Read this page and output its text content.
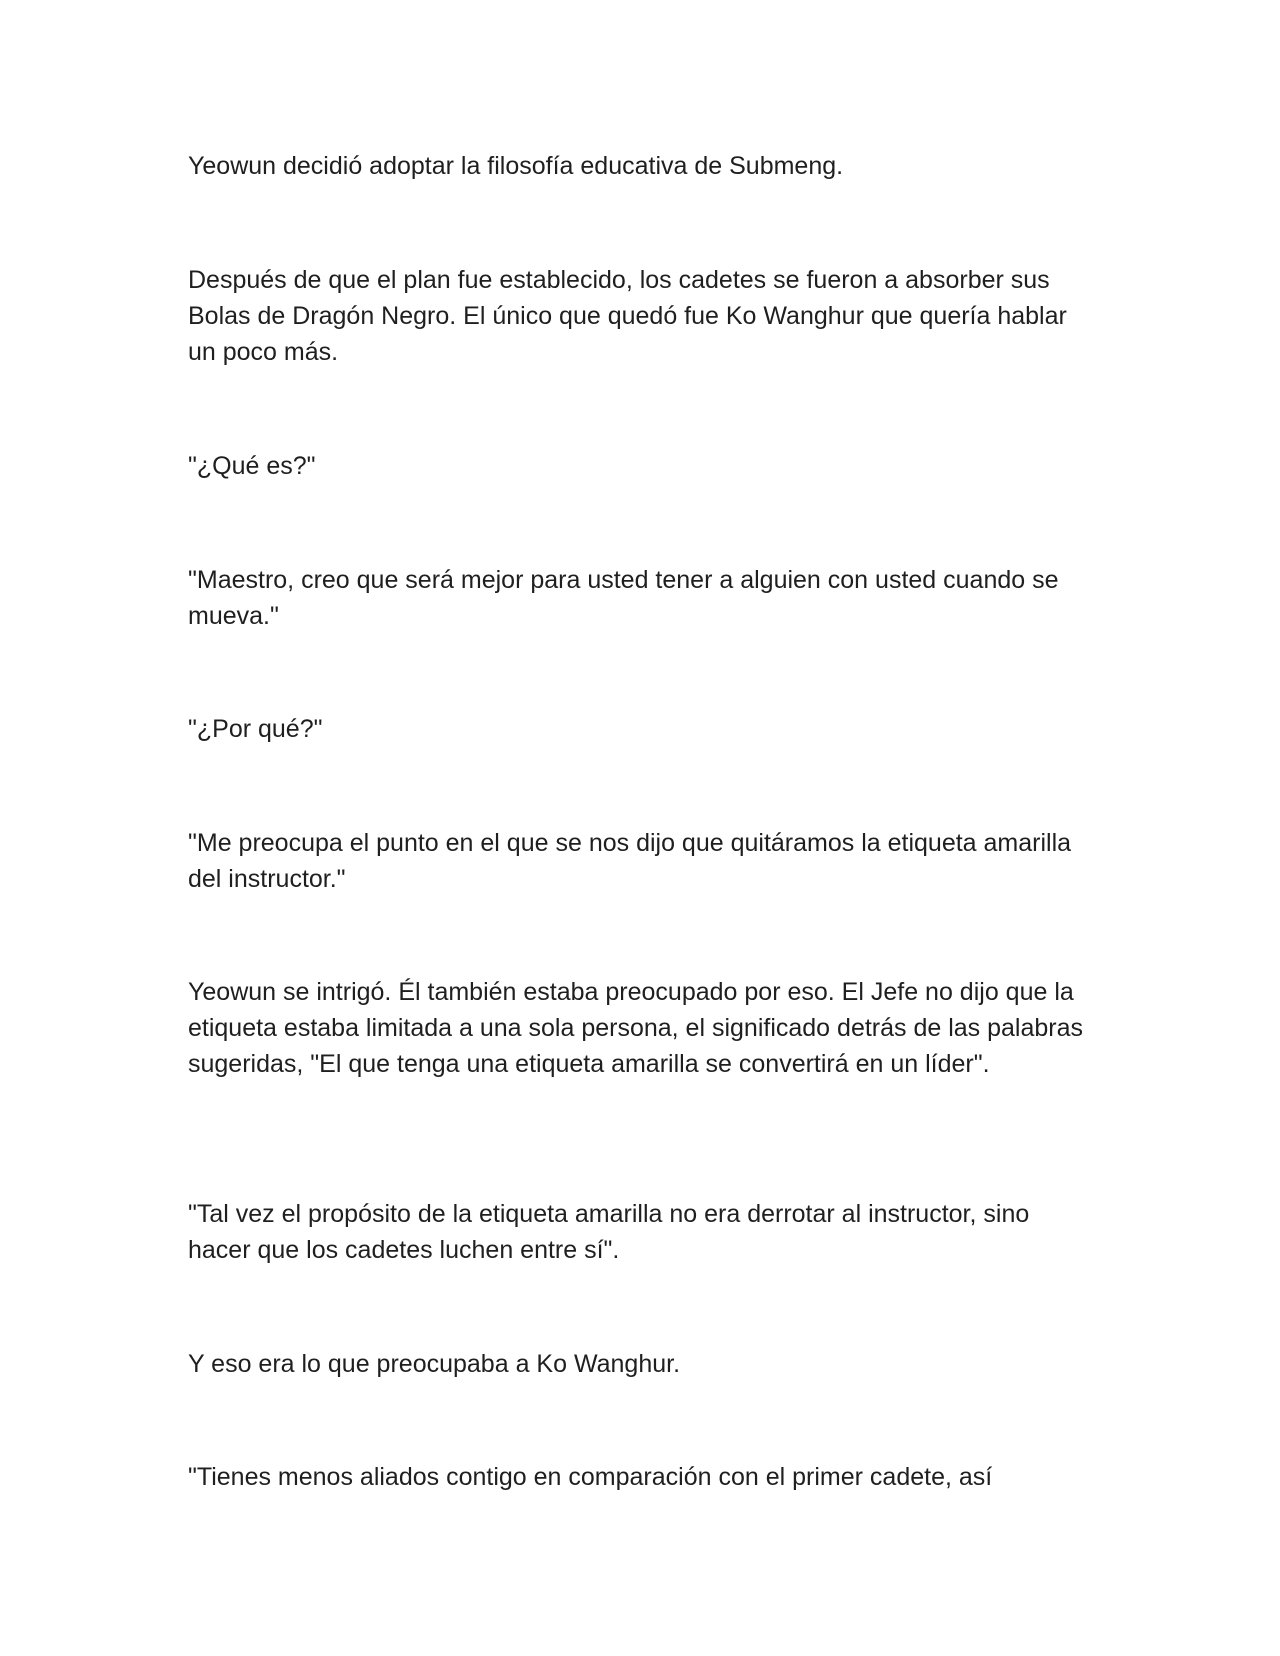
Yeowun decidió adoptar la filosofía educativa de Submeng.

Después de que el plan fue establecido, los cadetes se fueron a absorber sus Bolas de Dragón Negro. El único que quedó fue Ko Wanghur que quería hablar un poco más.

"¿Qué es?"

"Maestro, creo que será mejor para usted tener a alguien con usted cuando se mueva."

"¿Por qué?"

"Me preocupa el punto en el que se nos dijo que quitáramos la etiqueta amarilla del instructor."

Yeowun se intrigó. Él también estaba preocupado por eso. El Jefe no dijo que la etiqueta estaba limitada a una sola persona, el significado detrás de las palabras sugeridas, "El que tenga una etiqueta amarilla se convertirá en un líder".

"Tal vez el propósito de la etiqueta amarilla no era derrotar al instructor, sino hacer que los cadetes luchen entre sí".

Y eso era lo que preocupaba a Ko Wanghur.

"Tienes menos aliados contigo en comparación con el primer cadete, así
